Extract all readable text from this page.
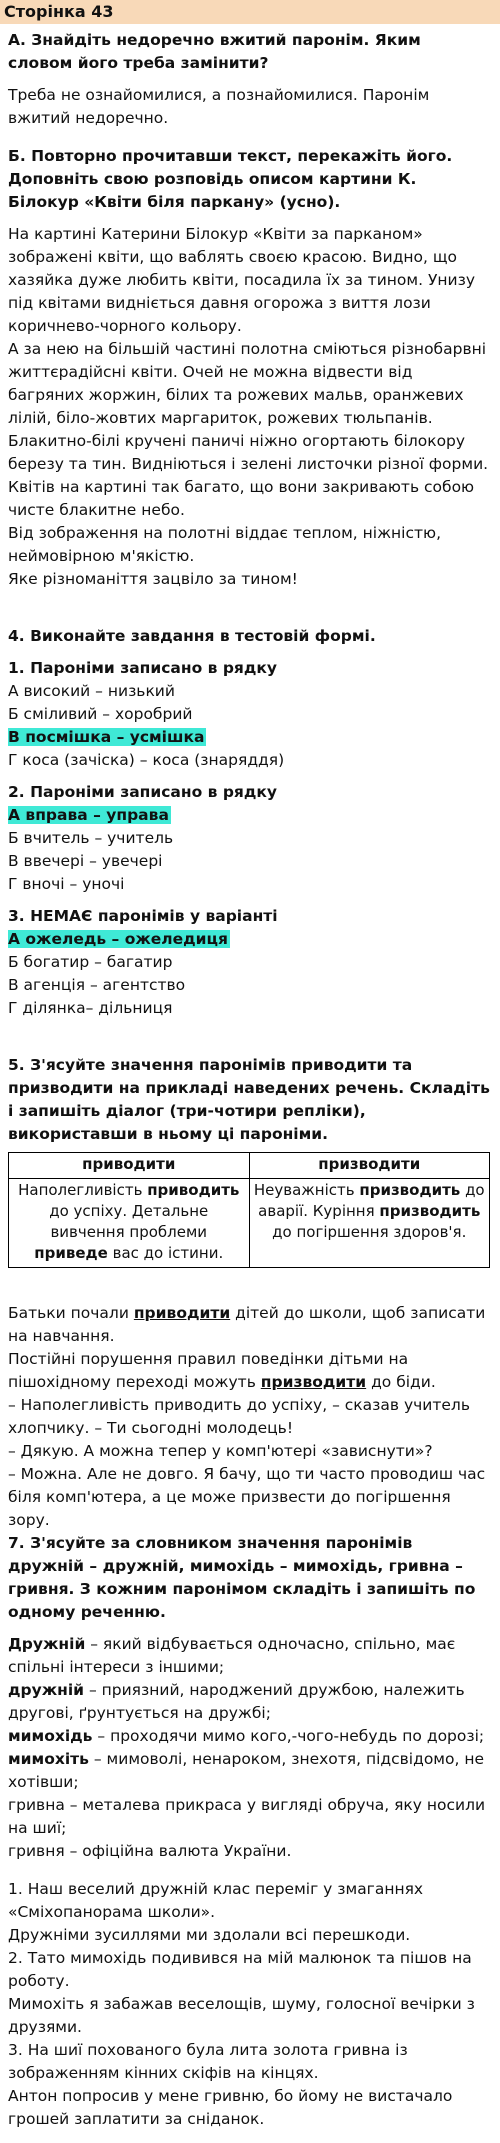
Сторінка 43

А. Знайдіть недоречно вжитий паронім. Яким словом його треба замінити?

Треба не ознайомилися, а познайомилися. Паронім вжитий недоречно.

Б. Повторно прочитавши текст, перекажіть його. Доповніть свою розповідь описом картини К. Білокур «Квіти біля паркану» (усно).

На картині Катерини Білокур «Квіти за парканом» зображені квіти, що ваблять своєю красою. Видно, що хазяйка дуже любить квіти, посадила їх за тином. Унизу під квітами видніється давня огорожа з виття лози коричнево-чорного кольору.

А за нею на більшій частині полотна сміються різнобарвні життєрадійсні квіти. Очей не можна відвести від багряних жоржин, білих та рожевих мальв, оранжевих лілій, біло-жовтих маргариток, рожевих тюльпанів. Блакитно-білі кручені паничі ніжно огортають білокору березу та тин. Видніються і зелені листочки різної форми. Квітів на картині так багато, що вони закривають собою чисте блакитне небо.

Від зображення на полотні віддає теплом, ніжністю, неймовірною м'якістю.

Яке різноманіття зацвіло за тином!

4. Виконайте завдання в тестовій формі.

1. Пароніми записано в рядку

А високий – низький

Б сміливий – хоробрий

В посмішка – усмішка

Г коса (зачіска) – коса (знаряддя)

2. Пароніми записано в рядку

А вправа – управа

Б вчитель – учитель

В ввечері – увечері

Г вночі – уночі

3. НЕМАЄ паронімів у варіанті

А ожеледь – ожеледиця

Б богатир – багатир

В агенція – агентство

Г ділянка– дільниця

5. З'ясуйте значення паронімів приводити та призводити на прикладі наведених речень. Складіть і запишіть діалог (три-чотири репліки), використавши в ньому ці пароніми.

приводити	призводити
Наполегливість приводить до успіху. Детальне вивчення проблеми приведе вас до істини.	Неуважність призводить до аварії. Куріння призводить до погіршення здоров'я.

Батьки почали приводити дітей до школи, щоб записати на навчання.

Постійні порушення правил поведінки дітьми на пішохідному переході можуть призводити до біди.

– Наполегливість приводить до успіху, – сказав учитель хлопчику. – Ти сьогодні молодець!

– Дякую. А можна тепер у комп'ютері «зависнути»?

– Можна. Але не довго. Я бачу, що ти часто проводиш час біля комп'ютера, а це може призвести до погіршення зору.

7. З'ясуйте за словником значення паронімів дружній – дружній, мимохідь – мимохідь, гривна – гривня. З кожним паронімом складіть і запишіть по одному реченню.

Дружній – який відбувається одночасно, спільно, має спільні інтереси з іншими;

дружній – приязний, народжений дружбою, належить другові, ґрунтується на дружбі;

мимохідь – проходячи мимо кого,-чого-небудь по дорозі;

мимохіть – мимоволі, ненароком, знехотя, підсвідомо, не хотівши;

гривна – металева прикраса у вигляді обруча, яку носили на шиї;

гривня – офіційна валюта України.

1. Наш веселий дружній клас переміг у змаганнях «Сміхопанорама школи».

Дружніми зусиллями ми здолали всі перешкоди.

2. Тато мимохідь подивився на мій малюнок та пішов на роботу.

Мимохіть я забажав веселощів, шуму, голосної вечірки з друзями.

3. На шиї похованого була лита золота гривна із зображенням кінних скіфів на кінцях.

Антон попросив у мене гривню, бо йому не вистачало грошей заплатити за сніданок.
